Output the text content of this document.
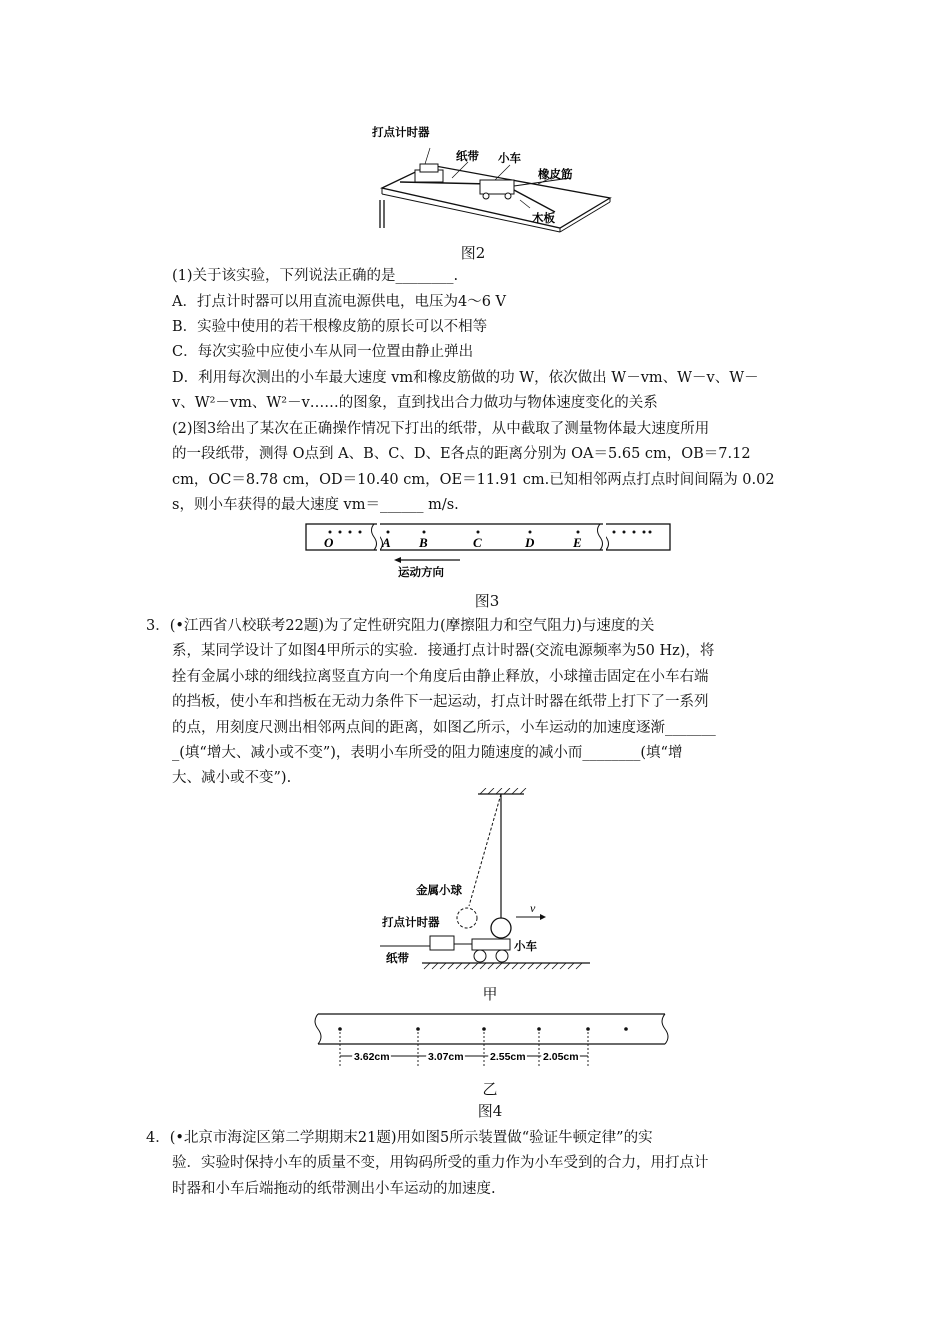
打点计时器
纸带 小车
橡皮筋
木板
图2
(1)关于该实验，下列说法正确的是________.
A．打点计时器可以用直流电源供电，电压为4～6 V
B．实验中使用的若干根橡皮筋的原长可以不相等
C．每次实验中应使小车从同一位置由静止弹出
D．利用每次测出的小车最大速度 vm和橡皮筋做的功 W，依次做出 W－vm、W－v、W－
v、W²－vm、W²－v……的图象，直到找出合力做功与物体速度变化的关系
(2)图3给出了某次在正确操作情况下打出的纸带，从中截取了测量物体最大速度所用
的一段纸带，测得 O点到 A、B、C、D、E各点的距离分别为 OA＝5.65 cm，OB＝7.12
cm，OC＝8.78 cm，OD＝10.40 cm，OE＝11.91 cm.已知相邻两点打点时间间隔为 0.02
s，则小车获得的最大速度 vm＝______ m/s.
O	A B	C	D	E
运动方向
图3
3．(•江西省八校联考22题)为了定性研究阻力(摩擦阻力和空气阻力)与速度的关
系，某同学设计了如图4甲所示的实验．接通打点计时器(交流电源频率为50 Hz)，将
拴有金属小球的细线拉离竖直方向一个角度后由静止释放，小球撞击固定在小车右端
的挡板，使小车和挡板在无动力条件下一起运动，打点计时器在纸带上打下了一系列
的点，用刻度尺测出相邻两点间的距离，如图乙所示，小车运动的加速度逐渐_______
_(填“增大、减小或不变”)，表明小车所受的阻力随速度的减小而________(填“增
大、减小或不变”).
v
金属小球
打点计时器
纸带
小车
甲
3.62cm	3.07cm	2.55cm 2.05cm
乙
图4
4．(•北京市海淀区第二学期期末21题)用如图5所示装置做“验证牛顿定律”的实
验．实验时保持小车的质量不变，用钩码所受的重力作为小车受到的合力，用打点计
时器和小车后端拖动的纸带测出小车运动的加速度.
